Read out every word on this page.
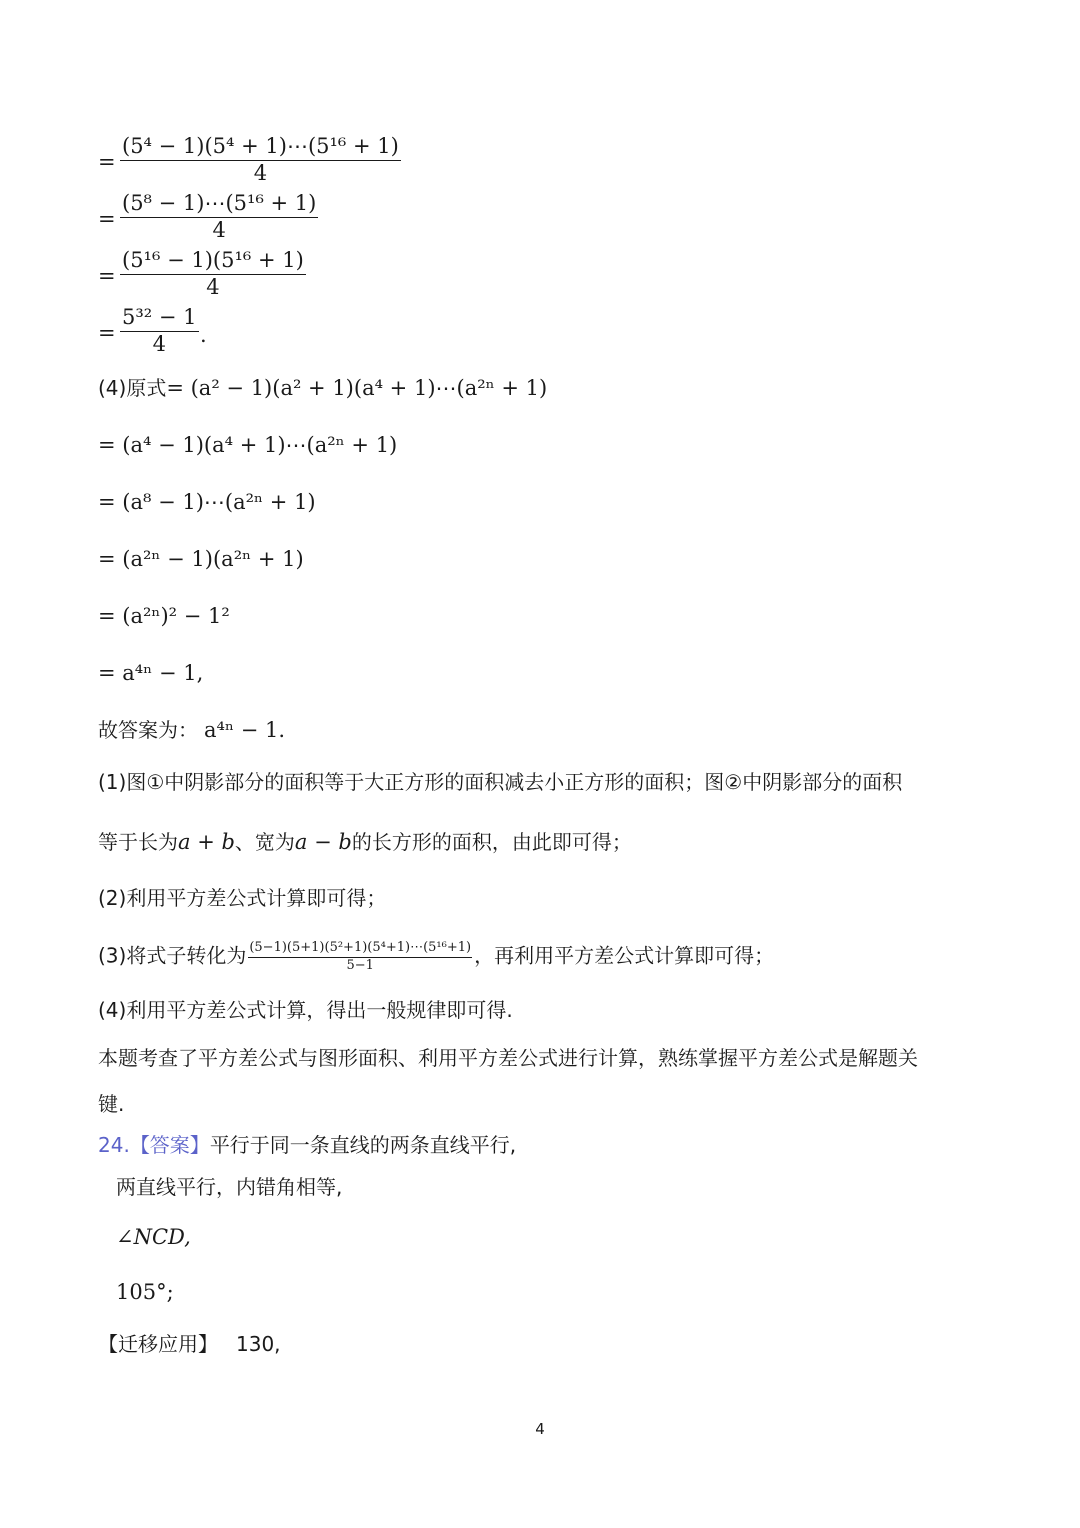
= $\frac{\text{(5⁴ − 1)(5⁴ + 1)⋯(5¹⁶ + 1)}}{4}$
= $\frac{\text{(5⁸ − 1)⋯(5¹⁶ + 1)}}{4}$
= $\frac{\text{(5¹⁶ − 1)(5¹⁶ + 1)}}{4}$
= $\frac{\text{5³² − 1}}{4}$ .
(4)原式= (a² − 1)(a² + 1)(a⁴ + 1)⋯(a²ⁿ + 1)
= (a⁴ − 1)(a⁴ + 1)⋯(a²ⁿ + 1)
= (a⁸ − 1)⋯(a²ⁿ + 1)
= (a²ⁿ − 1)(a²ⁿ + 1)
= (a²ⁿ)² − 1²
= a⁴ⁿ − 1,
故答案为： a⁴ⁿ − 1.
(1)图①中阴影部分的面积等于大正方形的面积减去小正方形的面积；图②中阴影部分的面积
等于长为a + b、宽为a − b的长方形的面积，由此即可得；
(2)利用平方差公式计算即可得；
(3)将式子转化为 $\frac{\text{(5−1)(5+1)(5²+1)(5⁴+1)⋯(5¹⁶+1)}}{5-1}$ ，再利用平方差公式计算即可得；
(4)利用平方差公式计算，得出一般规律即可得.
本题考查了平方差公式与图形面积、利用平方差公式进行计算，熟练掌握平方差公式是解题关
键.
24.【答案】平行于同一条直线的两条直线平行,
两直线平行，内错角相等,
∠NCD,
105°;
【迁移应用】 130,
4
